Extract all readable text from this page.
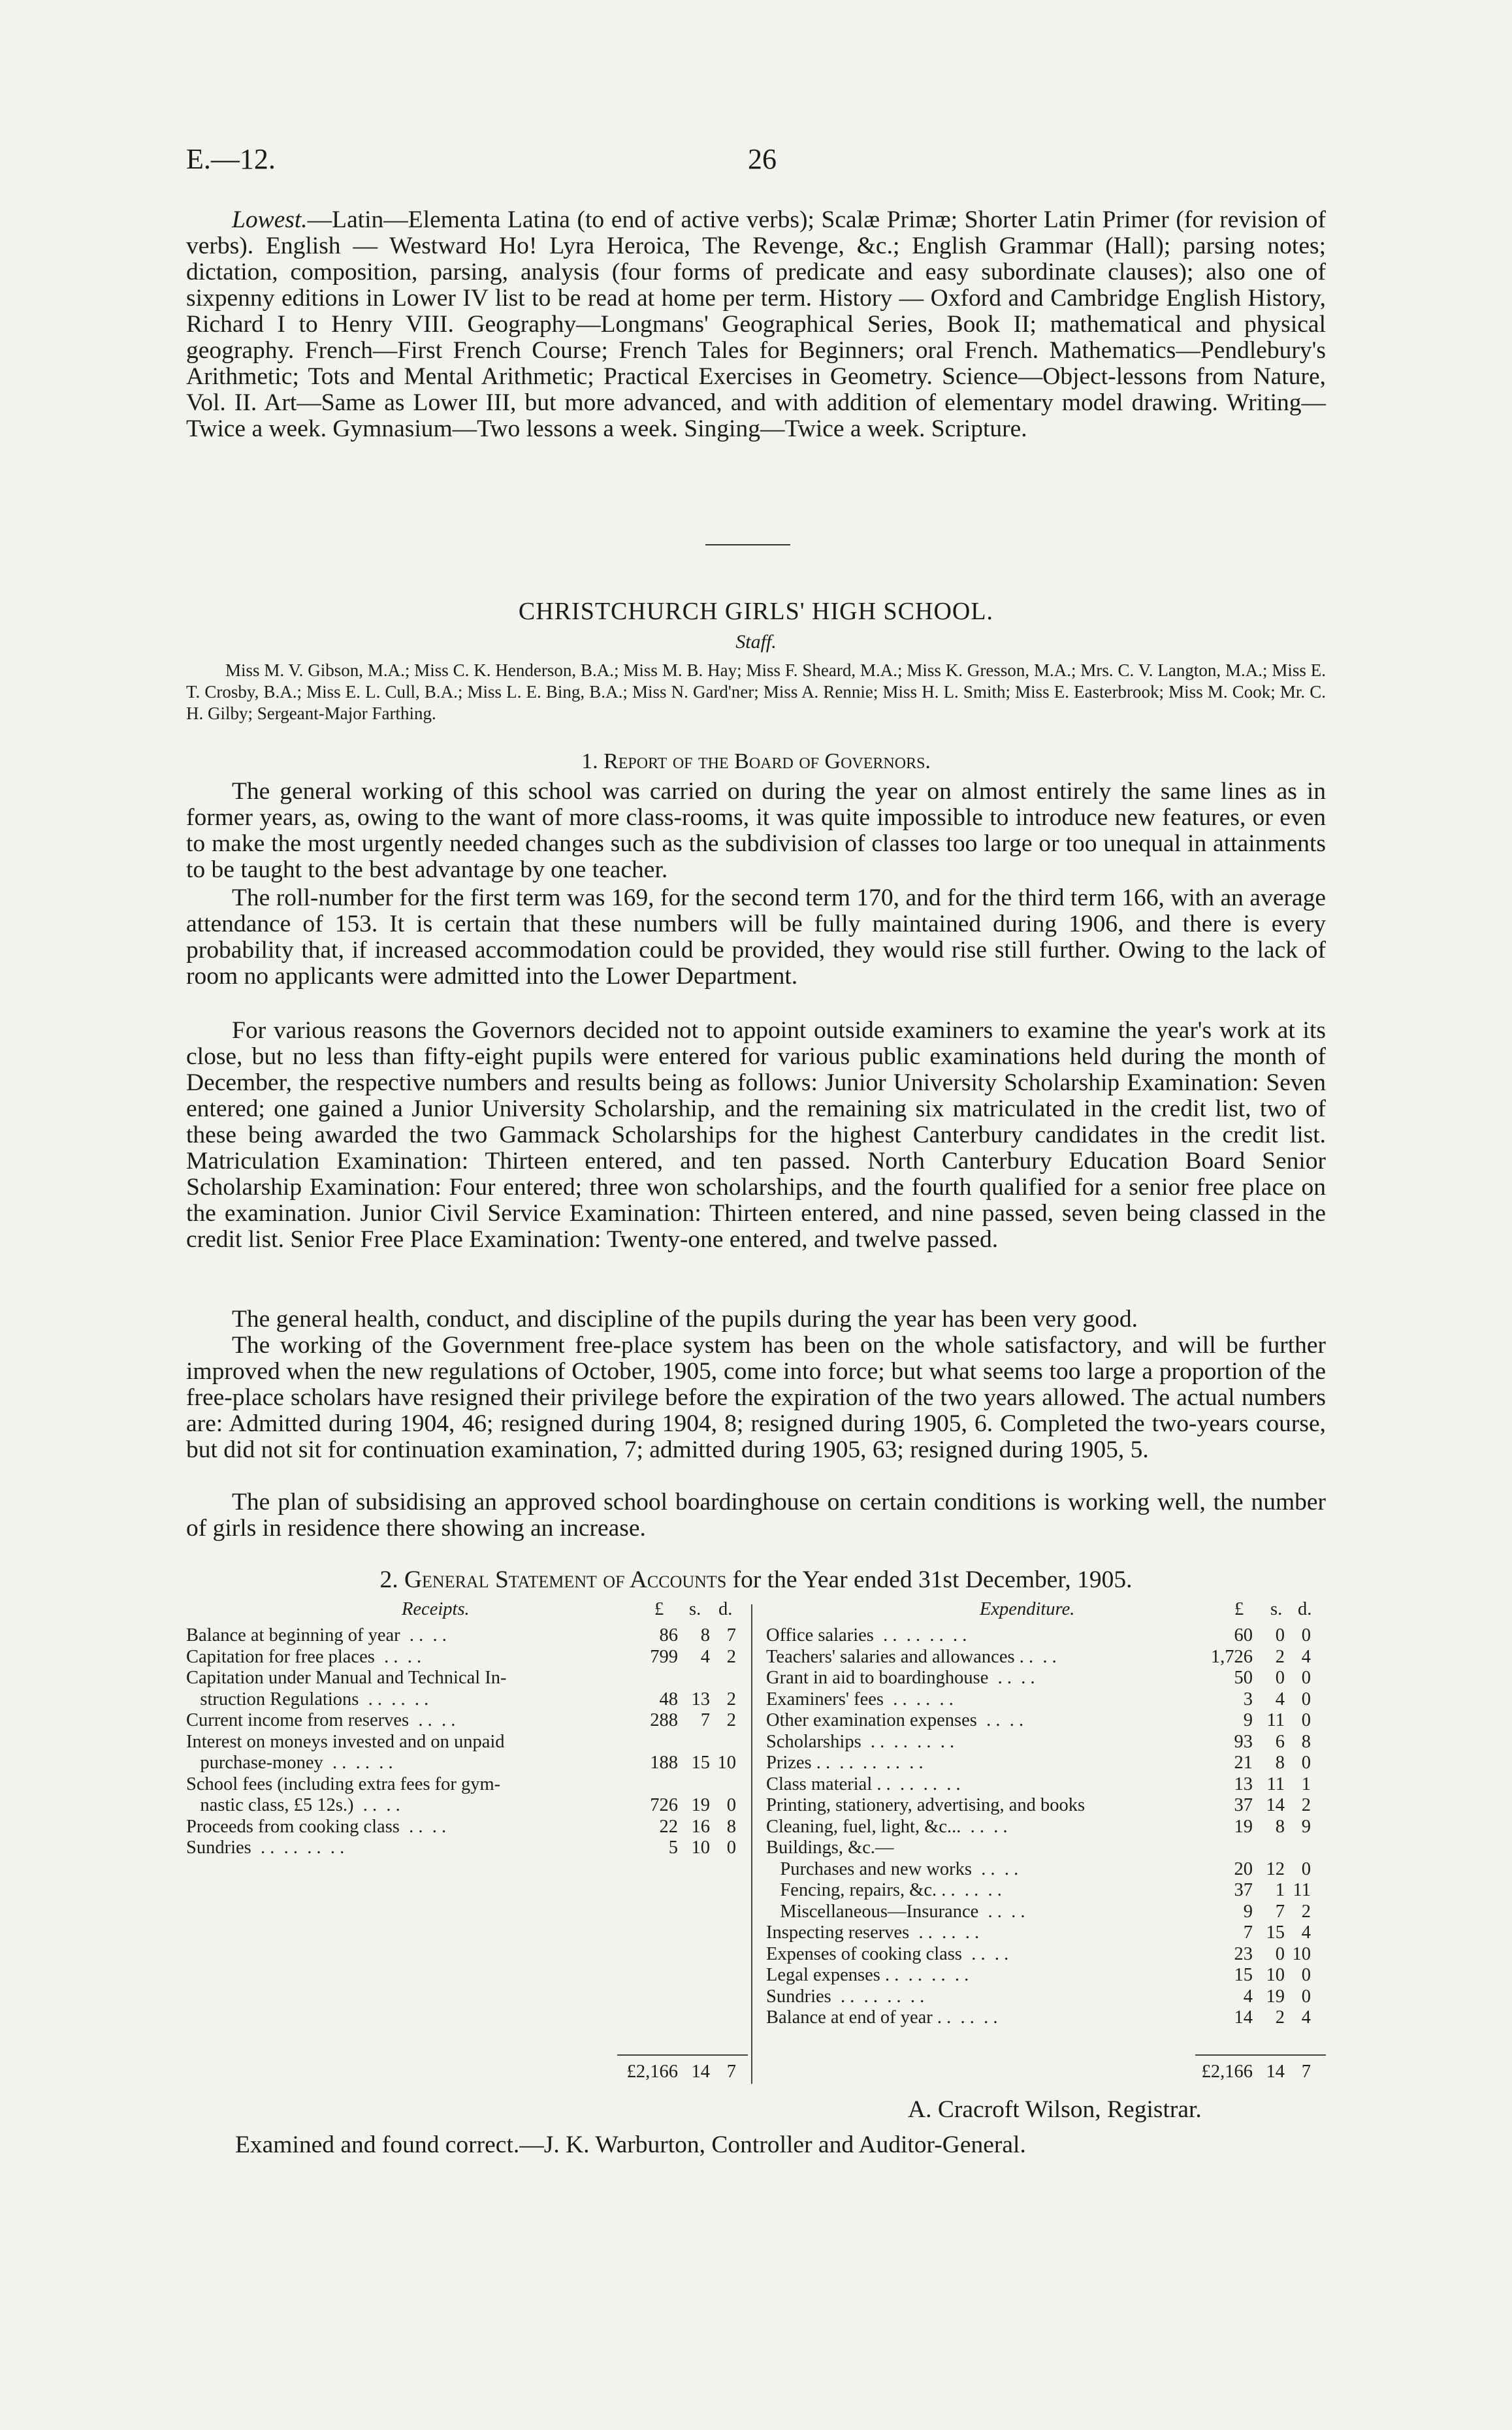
E.—12.	26

Lowest.—Latin—Elementa Latina (to end of active verbs); Scalæ Primæ; Shorter Latin Primer (for revision of verbs). English — Westward Ho! Lyra Heroica, The Revenge, &c.; English Grammar (Hall); parsing notes; dictation, composition, parsing, analysis (four forms of predicate and easy subordinate clauses); also one of sixpenny editions in Lower IV list to be read at home per term. History — Oxford and Cambridge English History, Richard I to Henry VIII. Geography—Longmans' Geographical Series, Book II; mathematical and physical geography. French—First French Course; French Tales for Beginners; oral French. Mathematics—Pendlebury's Arithmetic; Tots and Mental Arithmetic; Practical Exercises in Geometry. Science—Object-lessons from Nature, Vol. II. Art—Same as Lower III, but more advanced, and with addition of elementary model drawing. Writing—Twice a week. Gymnasium—Two lessons a week. Singing—Twice a week. Scripture.

CHRISTCHURCH GIRLS' HIGH SCHOOL.

Staff.

Miss M. V. Gibson, M.A.; Miss C. K. Henderson, B.A.; Miss M. B. Hay; Miss F. Sheard, M.A.; Miss K. Gresson, M.A.; Mrs. C. V. Langton, M.A.; Miss E. T. Crosby, B.A.; Miss E. L. Cull, B.A.; Miss L. E. Bing, B.A.; Miss N. Gard'ner; Miss A. Rennie; Miss H. L. Smith; Miss E. Easterbrook; Miss M. Cook; Mr. C. H. Gilby; Sergeant-Major Farthing.

1. Report of the Board of Governors.

The general working of this school was carried on during the year on almost entirely the same lines as in former years, as, owing to the want of more class-rooms, it was quite impossible to introduce new features, or even to make the most urgently needed changes such as the subdivision of classes too large or too unequal in attainments to be taught to the best advantage by one teacher.

The roll-number for the first term was 169, for the second term 170, and for the third term 166, with an average attendance of 153. It is certain that these numbers will be fully maintained during 1906, and there is every probability that, if increased accommodation could be provided, they would rise still further. Owing to the lack of room no applicants were admitted into the Lower Department.

For various reasons the Governors decided not to appoint outside examiners to examine the year's work at its close, but no less than fifty-eight pupils were entered for various public examinations held during the month of December, the respective numbers and results being as follows: Junior University Scholarship Examination: Seven entered; one gained a Junior University Scholarship, and the remaining six matriculated in the credit list, two of these being awarded the two Gammack Scholarships for the highest Canterbury candidates in the credit list. Matriculation Examination: Thirteen entered, and ten passed. North Canterbury Education Board Senior Scholarship Examination: Four entered; three won scholarships, and the fourth qualified for a senior free place on the examination. Junior Civil Service Examination: Thirteen entered, and nine passed, seven being classed in the credit list. Senior Free Place Examination: Twenty-one entered, and twelve passed.

The general health, conduct, and discipline of the pupils during the year has been very good.

The working of the Government free-place system has been on the whole satisfactory, and will be further improved when the new regulations of October, 1905, come into force; but what seems too large a proportion of the free-place scholars have resigned their privilege before the expiration of the two years allowed. The actual numbers are: Admitted during 1904, 46; resigned during 1904, 8; resigned during 1905, 6. Completed the two-years course, but did not sit for continuation examination, 7; admitted during 1905, 63; resigned during 1905, 5.

The plan of subsidising an approved school boardinghouse on certain conditions is working well, the number of girls in residence there showing an increase.

2. General Statement of Accounts for the Year ended 31st December, 1905.

Receipts.	£ s. d.	Expenditure.	£ s. d.
Balance at beginning of year  . .  . .	86	8 7
Capitation for free places  . .  . .	799	4 2
Capitation under Manual and Technical In-
struction Regulations  . .  . .  . .	48 13 2
Current income from reserves  . .  . .	288	7 2
Interest on moneys invested and on unpaid
purchase-money  . .  . .  . .	188 15 10
School fees (including extra fees for gym-
nastic class, £5 12s.)  . .  . .	726 19 0
Proceeds from cooking class  . .  . .	22 16 8
Sundries  . .  . .  . .  . .	5 10 0
Office salaries  . .  . .  . .  . .	60	0 0
Teachers' salaries and allowances . .  . .	1,726	2 4
Grant in aid to boardinghouse  . .  . .	50	0 0
Examiners' fees  . .  . .  . .	3	4 0
Other examination expenses  . .  . .	9 11 0
Scholarships  . .  . .  . .  . .	93	6 8
Prizes . .  . .  . .  . .  . .	21	8 0
Class material . .  . .  . .  . .	13 11 1
Printing, stationery, advertising, and books	37 14 2
Cleaning, fuel, light, &c...  . .  . .	19	8 9
Buildings, &c.—
Purchases and new works  . .  . .	20 12 0
Fencing, repairs, &c. . .  . .  . .	37	1 11
Miscellaneous—Insurance  . .  . .	9	7 2
Inspecting reserves  . .  . .  . .	7 15 4
Expenses of cooking class  . .  . .	23	0 10
Legal expenses . .  . .  . .  . .	15 10 0
Sundries  . .  . .  . .  . .	4 19 0
Balance at end of year . .  . .  . .	14	2 4
£2,166 14 7	£2,166 14 7
A. Cracroft Wilson, Registrar.
Examined and found correct.—J. K. Warburton, Controller and Auditor-General.
